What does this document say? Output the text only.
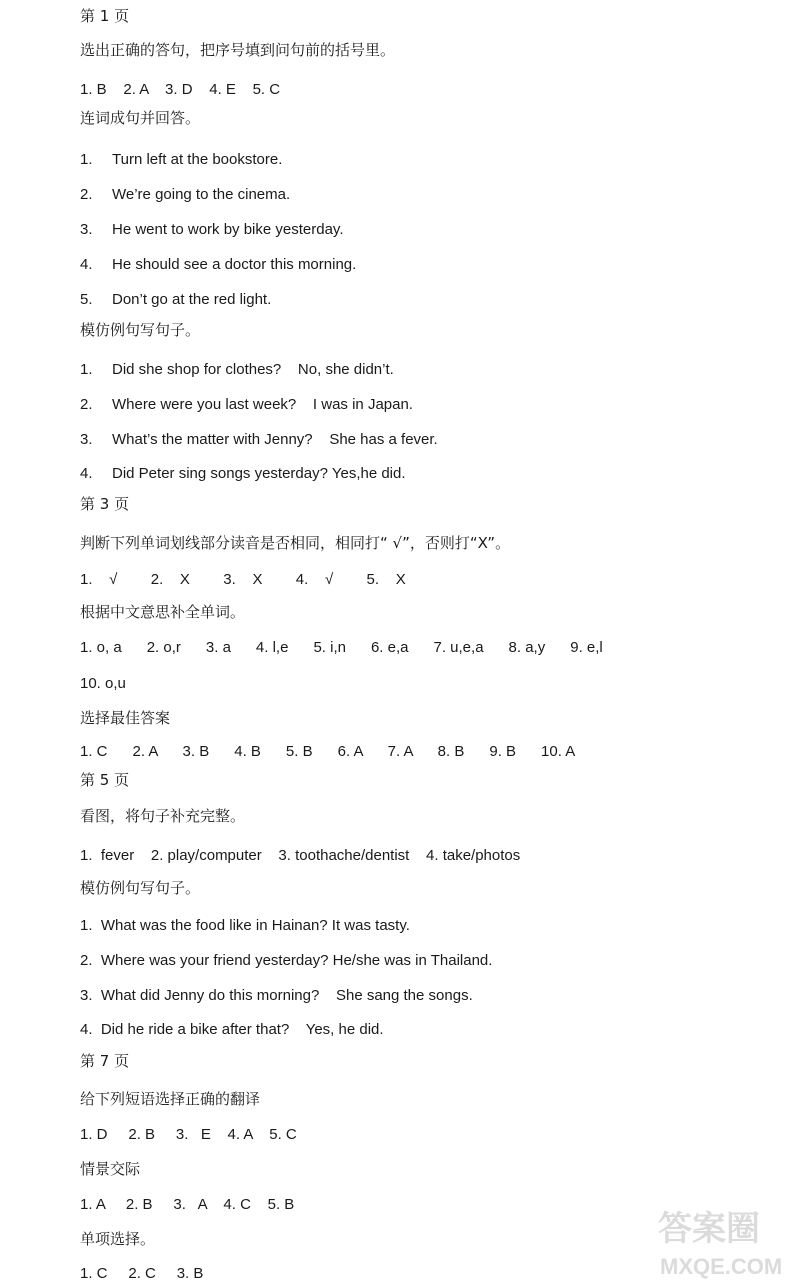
第 1 页
选出正确的答句，把序号填到问句前的括号里。
1. B    2. A    3. D    4. E    5. C
连词成句并回答。
1. Turn left at the bookstore.
2. We’re going to the cinema.
3. He went to work by bike yesterday.
4. He should see a doctor this morning.
5. Don’t go at the red light.
模仿例句写句子。
1. Did she shop for clothes?    No, she didn’t.
2. Where were you last week?    I was in Japan.
3. What’s the matter with Jenny?    She has a fever.
4. Did Peter sing songs yesterday? Yes,he did.
第 3 页
判断下列单词划线部分读音是否相同，相同打“ √”，否则打“X”。
1.    √        2.    X        3.    X        4.    √        5.    X
根据中文意思补全单词。
1. o, a      2. o,r      3. a      4. l,e      5. i,n      6. e,a      7. u,e,a      8. a,y      9. e,l
10. o,u
选择最佳答案
1. C      2. A      3. B      4. B      5. B      6. A      7. A      8. B      9. B      10. A
第 5 页
看图，将句子补充完整。
1.  fever    2. play/computer    3. toothache/dentist    4. take/photos
模仿例句写句子。
1.  What was the food like in Hainan? It was tasty.
2.  Where was your friend yesterday? He/she was in Thailand.
3.  What did Jenny do this morning?    She sang the songs.
4.  Did he ride a bike after that?    Yes, he did.
第 7 页
给下列短语选择正确的翻译
1. D     2. B     3.   E    4. A    5. C
情景交际
1. A     2. B     3.   A    4. C    5. B
单项选择。
1. C     2. C     3. B
答案圈
MXQE.COM
